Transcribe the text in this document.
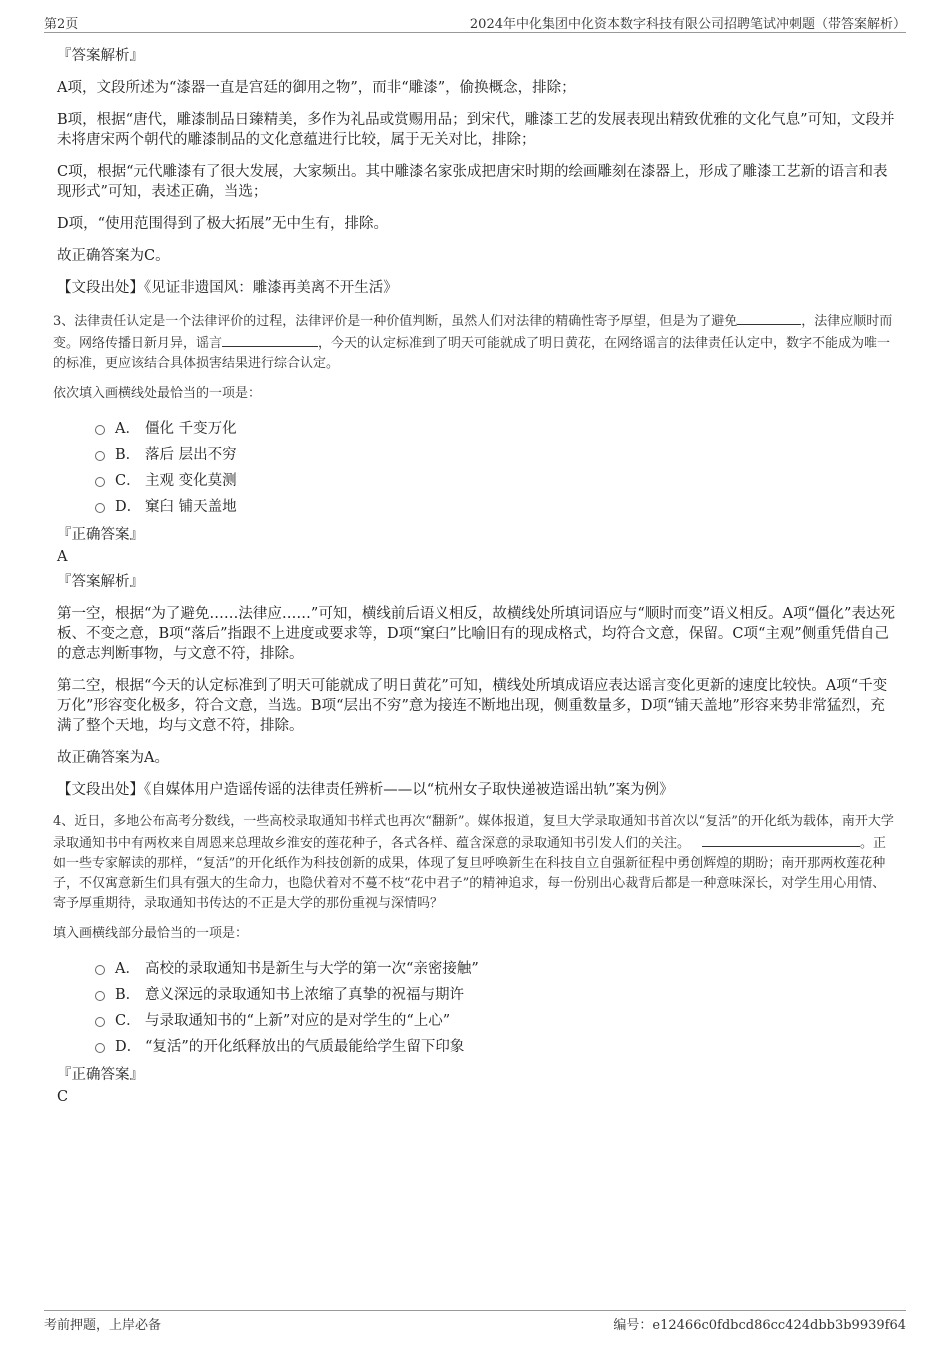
第2页	2024年中化集团中化资本数字科技有限公司招聘笔试冲刺题（带答案解析）
『答案解析』
A项，文段所述为“漆器一直是宫廷的御用之物”，而非“雕漆”，偷换概念，排除；
B项，根据“唐代，雕漆制品日臻精美，多作为礼品或赏赐用品；到宋代，雕漆工艺的发展表现出精致优雅的文化气息”可知，文段并未将唐宋两个朝代的雕漆制品的文化意蕴进行比较，属于无关对比，排除；
C项，根据“元代雕漆有了很大发展，大家频出。其中雕漆名家张成把唐宋时期的绘画雕刻在漆器上，形成了雕漆工艺新的语言和表现形式”可知，表述正确，当选；
D项，“使用范围得到了极大拓展”无中生有，排除。
故正确答案为C。
【文段出处】《见证非遗国风：雕漆再美离不开生活》
3、法律责任认定是一个法律评价的过程，法律评价是一种价值判断，虽然人们对法律的精确性寄予厚望，但是为了避免	，法律应顺时而变。网络传播日新月异，谣言	，今天的认定标准到了明天可能就成了明日黄花，在网络谣言的法律责任认定中，数字不能成为唯一的标准，更应该结合具体损害结果进行综合认定。
依次填入画横线处最恰当的一项是：
A． 僵化 千变万化
B． 落后 层出不穷
C． 主观 变化莫测
D． 窠臼 铺天盖地
『正确答案』
A
『答案解析』
第一空，根据“为了避免……法律应……”可知，横线前后语义相反，故横线处所填词语应与“顺时而变”语义相反。A项“僵化”表达死板、不变之意，B项“落后”指跟不上进度或要求等，D项“窠臼”比喻旧有的现成格式，均符合文意，保留。C项“主观”侧重凭借自己的意志判断事物，与文意不符，排除。
第二空，根据“今天的认定标准到了明天可能就成了明日黄花”可知，横线处所填成语应表达谣言变化更新的速度比较快。A项“千变万化”形容变化极多，符合文意，当选。B项“层出不穷”意为接连不断地出现，侧重数量多，D项“铺天盖地”形容来势非常猛烈，充满了整个天地，均与文意不符，排除。
故正确答案为A。
【文段出处】《自媒体用户造谣传谣的法律责任辨析——以“杭州女子取快递被造谣出轨”案为例》
4、近日，多地公布高考分数线，一些高校录取通知书样式也再次“翻新”。媒体报道，复旦大学录取通知书首次以“复活”的开化纸为载体，南开大学录取通知书中有两枚来自周恩来总理故乡淮安的莲花种子，各式各样、蕴含深意的录取通知书引发人们的关注。	。正如一些专家解读的那样，“复活”的开化纸作为科技创新的成果，体现了复旦呼唤新生在科技自立自强新征程中勇创辉煌的期盼；南开那两枚莲花种子，不仅寓意新生们具有强大的生命力，也隐伏着对不蔓不枝“花中君子”的精神追求，每一份别出心裁背后都是一种意味深长，对学生用心用情、寄予厚重期待，录取通知书传达的不正是大学的那份重视与深情吗？
填入画横线部分最恰当的一项是：
A． 高校的录取通知书是新生与大学的第一次“亲密接触”
B． 意义深远的录取通知书上浓缩了真挚的祝福与期许
C． 与录取通知书的“上新”对应的是对学生的“上心”
D． “复活”的开化纸释放出的气质最能给学生留下印象
『正确答案』
C
考前押题，上岸必备	编号：e12466c0fdbcd86cc424dbb3b9939f64
